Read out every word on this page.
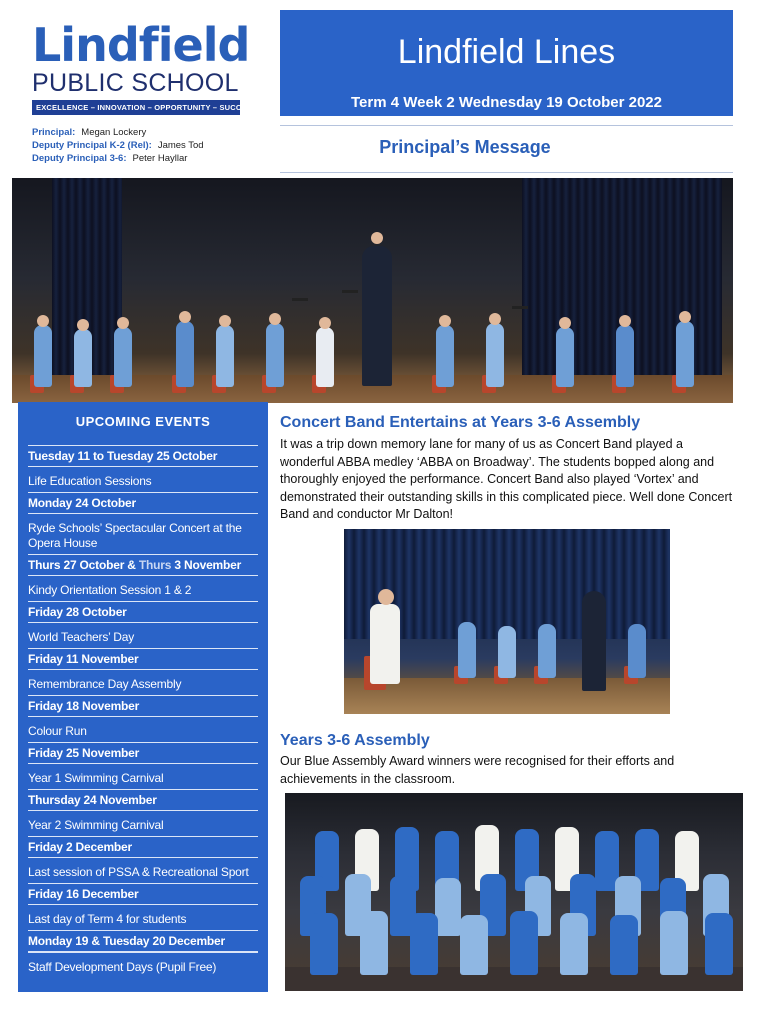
Lindfield
PUBLIC SCHOOL
EXCELLENCE – INNOVATION – OPPORTUNITY – SUCCESS
Principal: Megan Lockery
Deputy Principal K-2 (Rel): James Tod
Deputy Principal 3-6: Peter Hayllar
Lindfield Lines
Term 4 Week 2 Wednesday 19 October 2022
Principal’s Message
UPCOMING EVENTS
Tuesday 11 to Tuesday 25 October
Life Education Sessions
Monday 24 October
Ryde Schools’ Spectacular Concert at the Opera House
Thurs 27 October & Thurs 3 November
Kindy Orientation Session 1 & 2
Friday 28 October
World Teachers’ Day
Friday 11 November
Remembrance Day Assembly
Friday 18 November
Colour Run
Friday 25 November
Year 1 Swimming Carnival
Thursday 24 November
Year 2 Swimming Carnival
Friday 2 December
Last session of PSSA & Recreational Sport
Friday 16 December
Last day of Term 4 for students
Monday 19 & Tuesday 20 December
Staff Development Days (Pupil Free)
Concert Band Entertains at Years 3-6 Assembly
It was a trip down memory lane for many of us as Concert Band played a wonderful ABBA medley ‘ABBA on Broadway’. The students bopped along and thoroughly enjoyed the performance. Concert Band also played ‘Vortex’ and demonstrated their outstanding skills in this complicated piece. Well done Concert Band and conductor Mr Dalton!
Years 3-6 Assembly
Our Blue Assembly Award winners were recognised for their efforts and achievements in the classroom.
